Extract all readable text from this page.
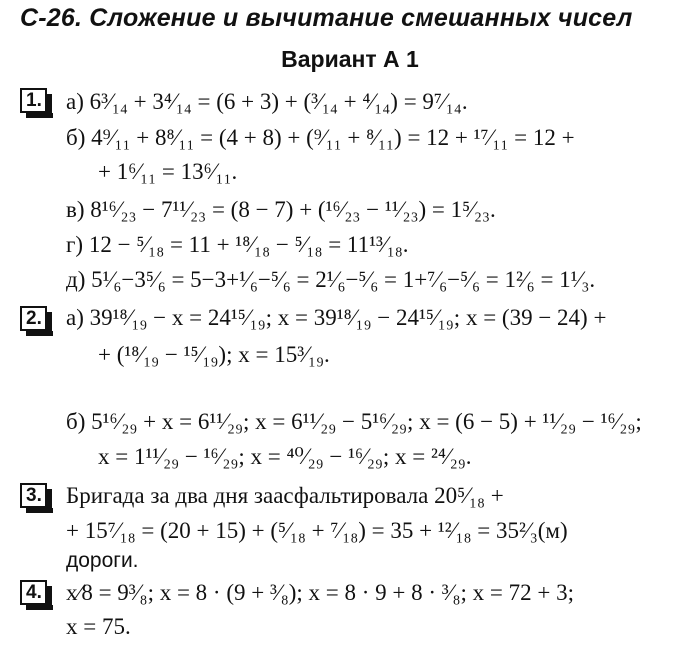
С-26. Сложение и вычитание смешанных чисел
Вариант А 1
1. а) 6³⁄₁₄ + 3⁴⁄₁₄ = (6 + 3) + (³⁄₁₄ + ⁴⁄₁₄) = 9⁷⁄₁₄.
б) 4⁹⁄₁₁ + 8⁸⁄₁₁ = (4 + 8) + (⁹⁄₁₁ + ⁸⁄₁₁) = 12 + ¹⁷⁄₁₁ = 12 +
+ 1⁶⁄₁₁ = 13⁶⁄₁₁.
в) 8¹⁶⁄₂₃ − 7¹¹⁄₂₃ = (8 − 7) + (¹⁶⁄₂₃ − ¹¹⁄₂₃) = 1⁵⁄₂₃.
г) 12 − ⁵⁄₁₈ = 11 + ¹⁸⁄₁₈ − ⁵⁄₁₈ = 11¹³⁄₁₈.
д) 5¹⁄₆−3⁵⁄₆ = 5−3+¹⁄₆−⁵⁄₆ = 2¹⁄₆−⁵⁄₆ = 1+⁷⁄₆−⁵⁄₆ = 1²⁄₆ = 1¹⁄₃.
2. а) 39¹⁸⁄₁₉ − x = 24¹⁵⁄₁₉; x = 39¹⁸⁄₁₉ − 24¹⁵⁄₁₉; x = (39 − 24) +
+ (¹⁸⁄₁₉ − ¹⁵⁄₁₉); x = 15³⁄₁₉.
б) 5¹⁶⁄₂₉ + x = 6¹¹⁄₂₉; x = 6¹¹⁄₂₉ − 5¹⁶⁄₂₉; x = (6 − 5) + ¹¹⁄₂₉ − ¹⁶⁄₂₉;
x = 1¹¹⁄₂₉ − ¹⁶⁄₂₉; x = ⁴⁰⁄₂₉ − ¹⁶⁄₂₉; x = ²⁴⁄₂₉.
3. Бригада за два дня заасфальтировала 20⁵⁄₁₈ +
+ 15⁷⁄₁₈ = (20 + 15) + (⁵⁄₁₈ + ⁷⁄₁₈) = 35 + ¹²⁄₁₈ = 35²⁄₃(м)
дороги.
4. x⁄8 = 9³⁄₈; x = 8 · (9 + ³⁄₈); x = 8 · 9 + 8 · ³⁄₈; x = 72 + 3;
x = 75.
